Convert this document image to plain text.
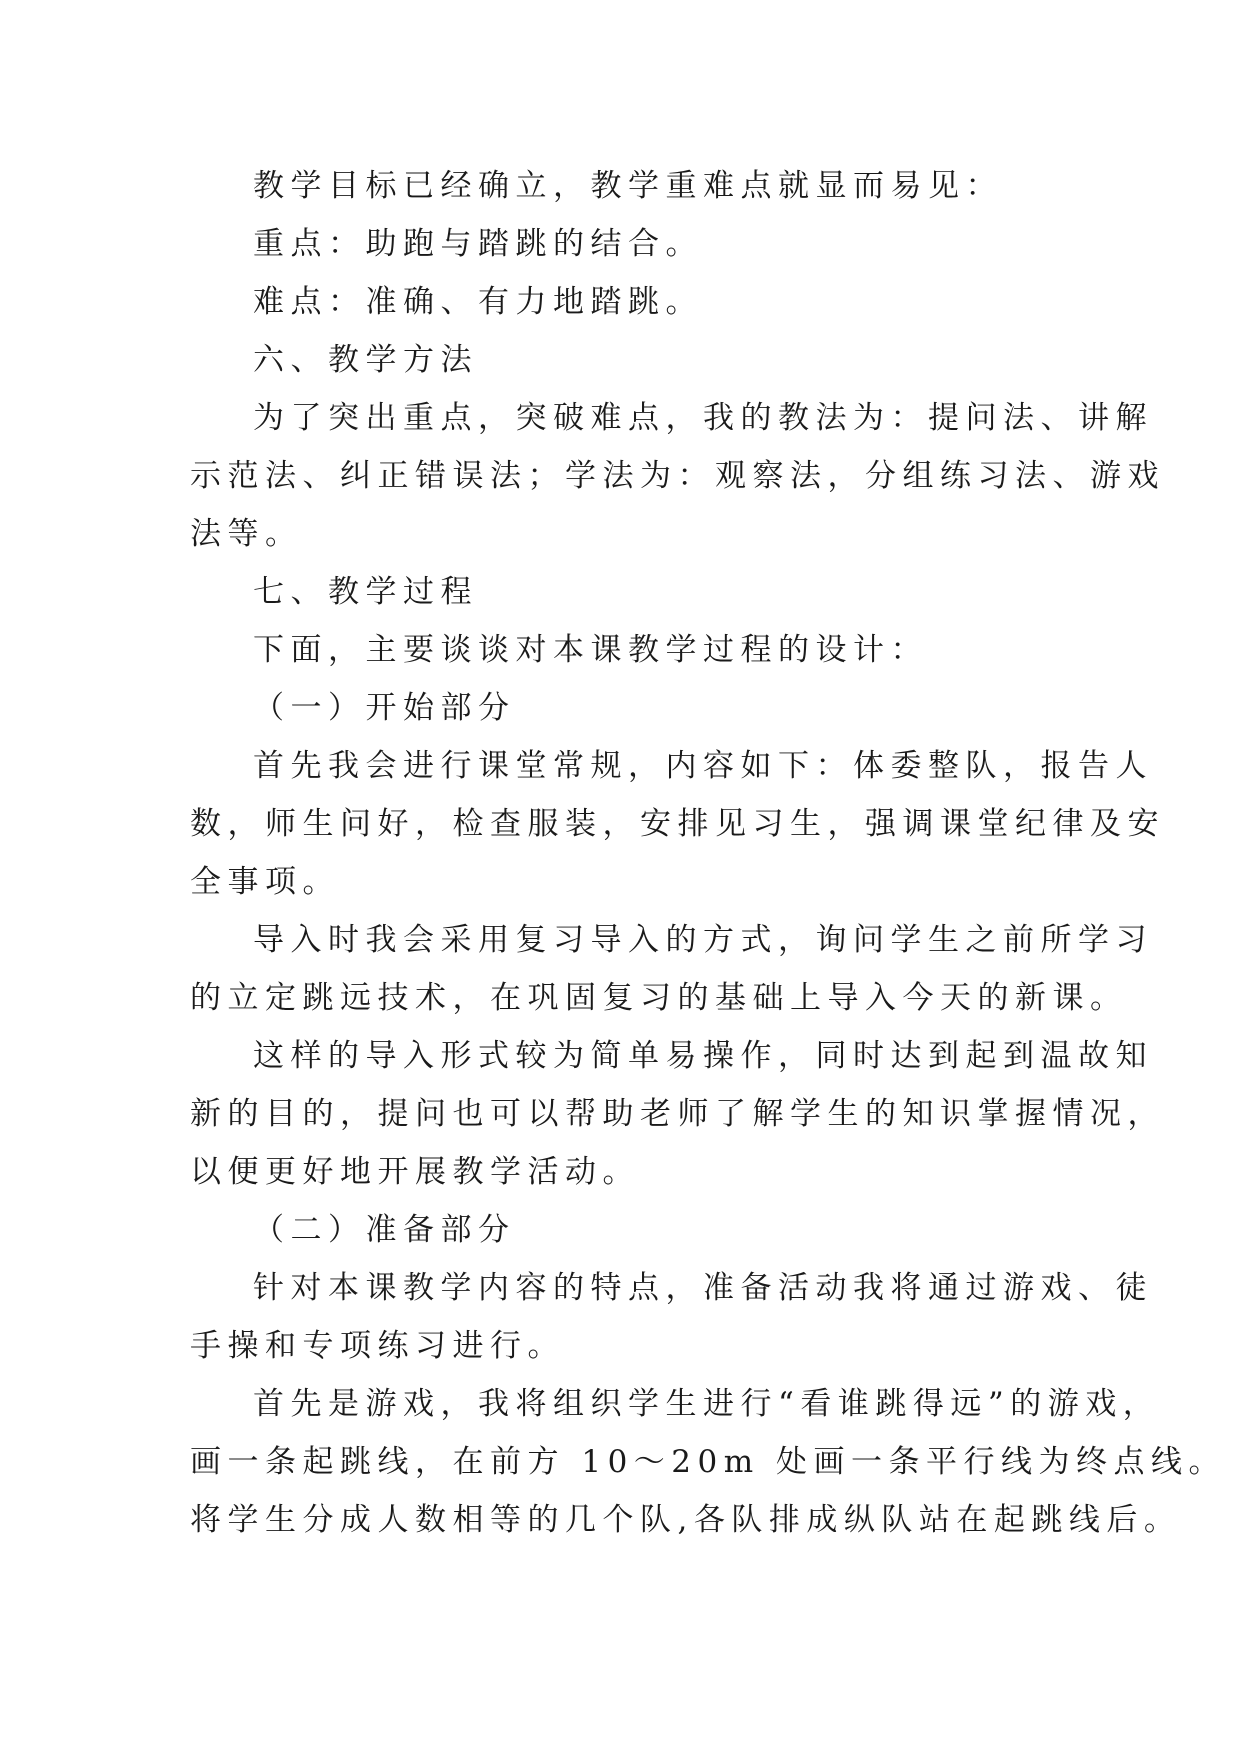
教学目标已经确立，教学重难点就显而易见：
重点：助跑与踏跳的结合。
难点：准确、有力地踏跳。
六、教学方法
为了突出重点，突破难点，我的教法为：提问法、讲解
示范法、纠正错误法；学法为：观察法，分组练习法、游戏
法等。
七、教学过程
下面，主要谈谈对本课教学过程的设计：
（一）开始部分
首先我会进行课堂常规，内容如下：体委整队，报告人
数，师生问好，检查服装，安排见习生，强调课堂纪律及安
全事项。
导入时我会采用复习导入的方式，询问学生之前所学习
的立定跳远技术，在巩固复习的基础上导入今天的新课。
这样的导入形式较为简单易操作，同时达到起到温故知
新的目的，提问也可以帮助老师了解学生的知识掌握情况，
以便更好地开展教学活动。
（二）准备部分
针对本课教学内容的特点，准备活动我将通过游戏、徒
手操和专项练习进行。
首先是游戏，我将组织学生进行“看谁跳得远”的游戏，
画一条起跳线，在前方 10～20m 处画一条平行线为终点线。
将学生分成人数相等的几个队,各队排成纵队站在起跳线后。
